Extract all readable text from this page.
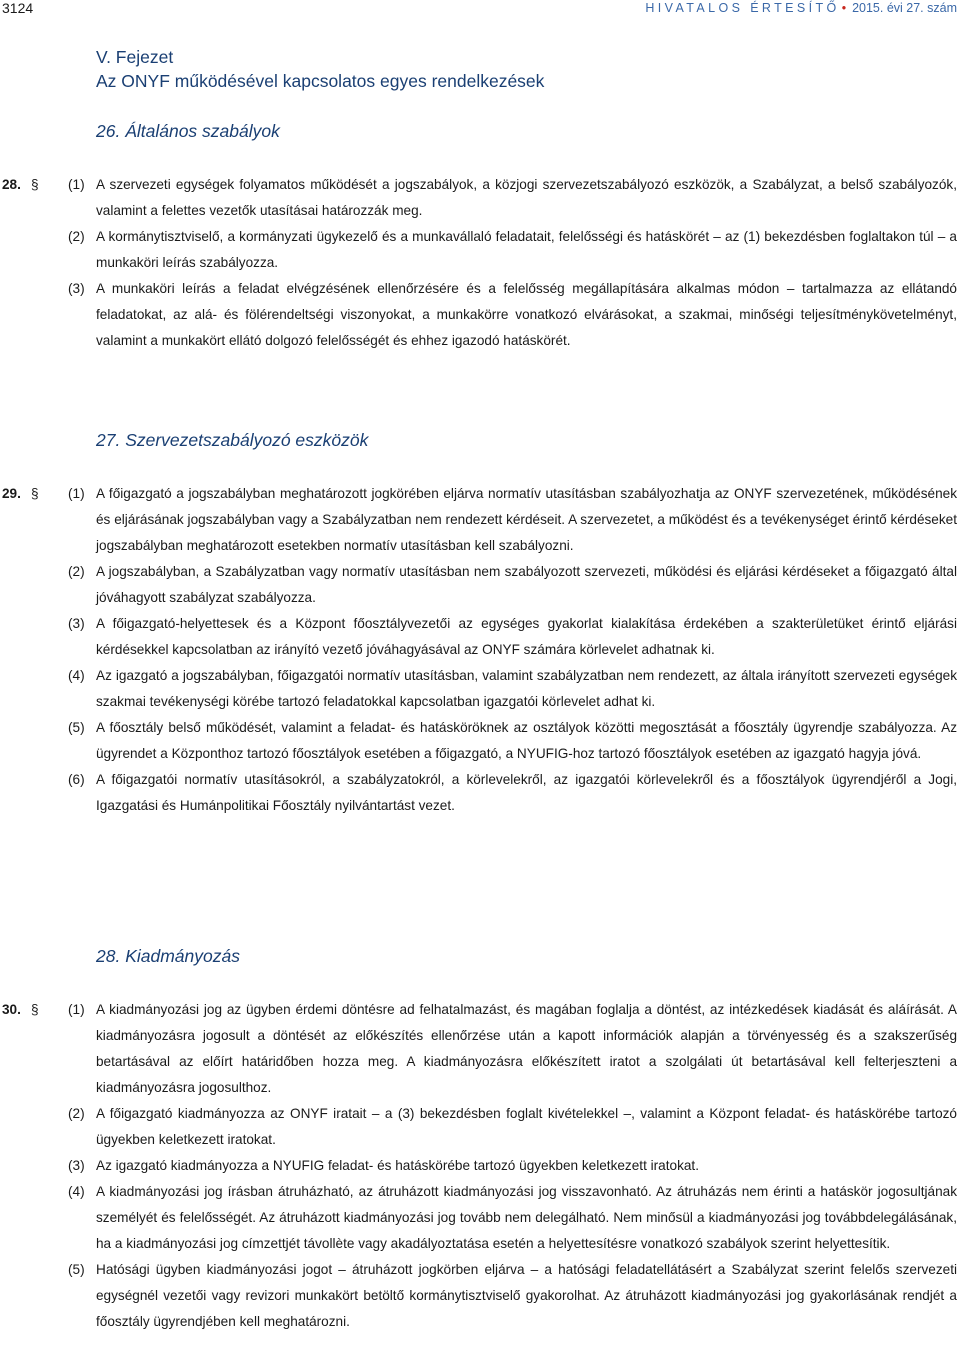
3124	HIVATALOS ÉRTESÍTŐ • 2015. évi 27. szám
V. Fejezet
Az ONYF működésével kapcsolatos egyes rendelkezések
26. Általános szabályok
28. § (1) A szervezeti egységek folyamatos működését a jogszabályok, a közjogi szervezetszabályozó eszközök, a Szabályzat, a belső szabályozók, valamint a felettes vezetők utasításai határozzák meg.

(2) A kormánytisztviselő, a kormányzati ügykezelő és a munkavállaló feladatait, felelősségi és hatáskörét – az (1) bekezdésben foglaltakon túl – a munkaköri leírás szabályozza.

(3) A munkaköri leírás a feladat elvégzésének ellenőrzésére és a felelősség megállapítására alkalmas módon – tartalmazza az ellátandó feladatokat, az alá- és fölérendeltségi viszonyokat, a munkakörre vonatkozó elvárásokat, a szakmai, minőségi teljesítménykövetelményt, valamint a munkakört ellátó dolgozó felelősségét és ehhez igazodó hatáskörét.

27. Szervezetszabályozó eszközök
29. § (1) A főigazgató a jogszabályban meghatározott jogkörében eljárva normatív utasításban szabályozhatja az ONYF szervezetének, működésének és eljárásának jogszabályban vagy a Szabályzatban nem rendezett kérdéseit. A szervezetet, a működést és a tevékenységet érintő kérdéseket jogszabályban meghatározott esetekben normatív utasításban kell szabályozni.

(2) A jogszabályban, a Szabályzatban vagy normatív utasításban nem szabályozott szervezeti, működési és eljárási kérdéseket a főigazgató által jóváhagyott szabályzat szabályozza.

(3) A főigazgató-helyettesek és a Központ főosztályvezetői az egységes gyakorlat kialakítása érdekében a szakterületüket érintő eljárási kérdésekkel kapcsolatban az irányító vezető jóváhagyásával az ONYF számára körlevelet adhatnak ki.

(4) Az igazgató a jogszabályban, főigazgatói normatív utasításban, valamint szabályzatban nem rendezett, az általa irányított szervezeti egységek szakmai tevékenységi körébe tartozó feladatokkal kapcsolatban igazgatói körlevelet adhat ki.

(5) A főosztály belső működését, valamint a feladat- és hatásköröknek az osztályok közötti megosztását a főosztály ügyrendje szabályozza. Az ügyrendet a Központhoz tartozó főosztályok esetében a főigazgató, a NYUFIG-hoz tartozó főosztályok esetében az igazgató hagyja jóvá.

(6) A főigazgatói normatív utasításokról, a szabályzatokról, a körlevelekről, az igazgatói körlevelekről és a főosztályok ügyrendjéről a Jogi, Igazgatási és Humánpolitikai Főosztály nyilvántartást vezet.

28. Kiadmányozás
30. § (1) A kiadmányozási jog az ügyben érdemi döntésre ad felhatalmazást, és magában foglalja a döntést, az intézkedések kiadását és aláírását. A kiadmányozásra jogosult a döntését az előkészítés ellenőrzése után a kapott információk alapján a törvényesség és a szakszerűség betartásával az előírt határidőben hozza meg. A kiadmányozásra előkészített iratot a szolgálati út betartásával kell felterjeszteni a kiadmányozásra jogosulthoz.

(2) A főigazgató kiadmányozza az ONYF iratait – a (3) bekezdésben foglalt kivételekkel –, valamint a Központ feladat- és hatáskörébe tartozó ügyekben keletkezett iratokat.

(3) Az igazgató kiadmányozza a NYUFIG feladat- és hatáskörébe tartozó ügyekben keletkezett iratokat.

(4) A kiadmányozási jog írásban átruházható, az átruházott kiadmányozási jog visszavonható. Az átruházás nem érinti a hatáskör jogosultjának személyét és felelősségét. Az átruházott kiadmányozási jog tovább nem delegálható. Nem minősül a kiadmányozási jog továbbdelegálásának, ha a kiadmányozási jog címzettjét távollète vagy akadályoztatása esetén a helyettesítésre vonatkozó szabályok szerint helyettesítik.

(5) Hatósági ügyben kiadmányozási jogot – átruházott jogkörben eljárva – a hatósági feladatellátásért a Szabályzat szerint felelős szervezeti egységnél vezetői vagy revizori munkakört betöltő kormánytisztviselő gyakorolhat. Az átruházott kiadmányozási jog gyakorlásának rendjét a főosztály ügyrendjében kell meghatározni.
